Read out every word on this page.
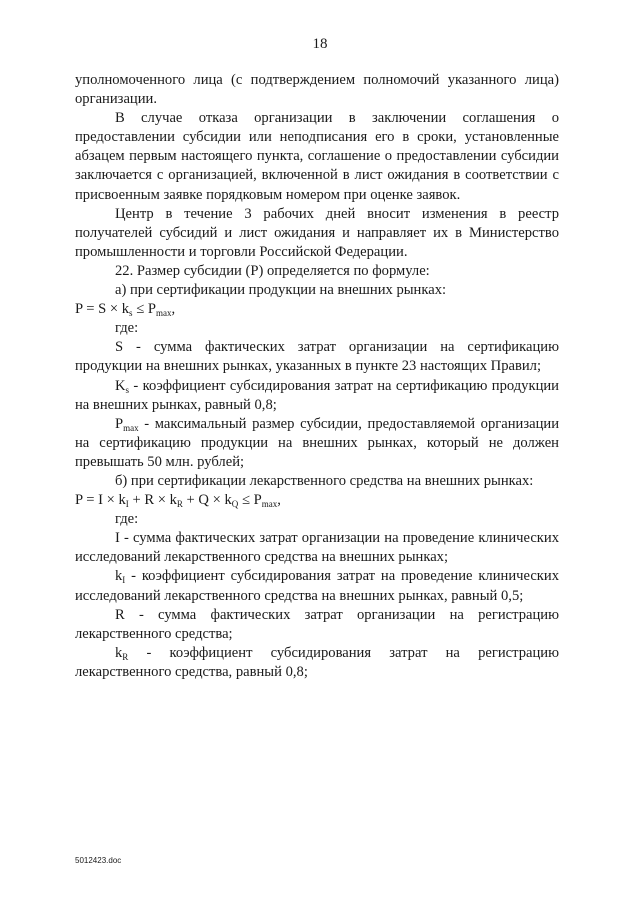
18

уполномоченного лица (с подтверждением полномочий указанного лица) организации.

В случае отказа организации в заключении соглашения о предоставлении субсидии или неподписания его в сроки, установленные абзацем первым настоящего пункта, соглашение о предоставлении субсидии заключается с организацией, включенной в лист ожидания в соответствии с присвоенным заявке порядковым номером при оценке заявок.

Центр в течение 3 рабочих дней вносит изменения в реестр получателей субсидий и лист ожидания и направляет их в Министерство промышленности и торговли Российской Федерации.

22. Размер субсидии (P) определяется по формуле:

а) при сертификации продукции на внешних рынках:

$P = S \times k_s \le P_{max}$,

где:

S - сумма фактических затрат организации на сертификацию продукции на внешних рынках, указанных в пункте 23 настоящих Правил;

$K_s$ - коэффициент субсидирования затрат на сертификацию продукции на внешних рынках, равный 0,8;

$P_{max}$ - максимальный размер субсидии, предоставляемой организации на сертификацию продукции на внешних рынках, который не должен превышать 50 млн. рублей;

б) при сертификации лекарственного средства на внешних рынках:

$P = I \times k_I + R \times k_R + Q \times k_Q \le P_{max}$,

где:

I - сумма фактических затрат организации на проведение клинических исследований лекарственного средства на внешних рынках;

$k_I$ - коэффициент субсидирования затрат на проведение клинических исследований лекарственного средства на внешних рынках, равный 0,5;

R - сумма фактических затрат организации на регистрацию лекарственного средства;

$k_R$ - коэффициент субсидирования затрат на регистрацию лекарственного средства, равный 0,8;

5012423.doc
